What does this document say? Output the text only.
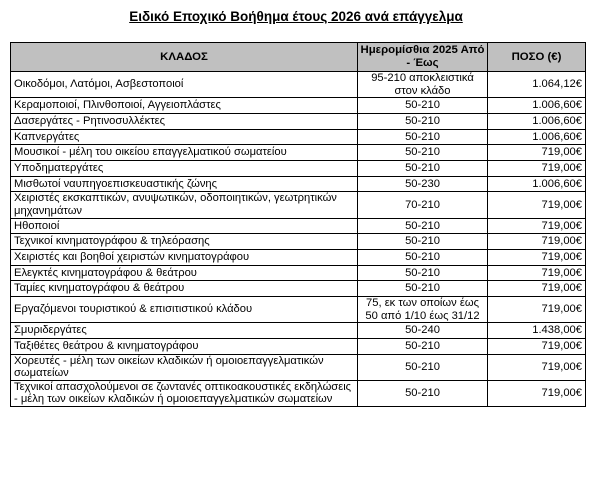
Ειδικό Εποχικό Βοήθημα έτους 2026 ανά επάγγελμα
ΚΛΑΔΟΣ	Ημερομίσθια 2025 Από - Έως	ΠΟΣΟ (€)
Οικοδόμοι, Λατόμοι, Ασβεστοποιοί	95-210 αποκλειστικά στον κλάδο	1.064,12€
Κεραμοποιοί, Πλινθοποιοί, Αγγειοπλάστες	50-210	1.006,60€
Δασεργάτες - Ρητινοσυλλέκτες	50-210	1.006,60€
Καπνεργάτες	50-210	1.006,60€
Μουσικοί - μέλη του οικείου επαγγελματικού σωματείου	50-210	719,00€
Υποδηματεργάτες	50-210	719,00€
Μισθωτοί ναυπηγοεπισκευαστικής ζώνης	50-230	1.006,60€
Χειριστές εκσκαπτικών, ανυψωτικών, οδοποιητικών, γεωτρητικών μηχανημάτων	70-210	719,00€
Ηθοποιοί	50-210	719,00€
Τεχνικοί κινηματογράφου & τηλεόρασης	50-210	719,00€
Χειριστές και βοηθοί χειριστών κινηματογράφου	50-210	719,00€
Ελεγκτές κινηματογράφου & θεάτρου	50-210	719,00€
Ταμίες κινηματογράφου & θεάτρου	50-210	719,00€
Εργαζόμενοι τουριστικού & επισιτιστικού κλάδου	75, εκ των οποίων έως 50 από 1/10 έως 31/12	719,00€
Σμυριδεργάτες	50-240	1.438,00€
Ταξιθέτες θεάτρου & κινηματογράφου	50-210	719,00€
Χορευτές - μέλη των οικείων κλαδικών ή ομοιοεπαγγελματικών σωματείων	50-210	719,00€
Τεχνικοί απασχολούμενοι σε ζωντανές οπτικοακουστικές εκδηλώσεις - μέλη των οικείων κλαδικών ή ομοιοεπαγγελματικών σωματείων	50-210	719,00€
